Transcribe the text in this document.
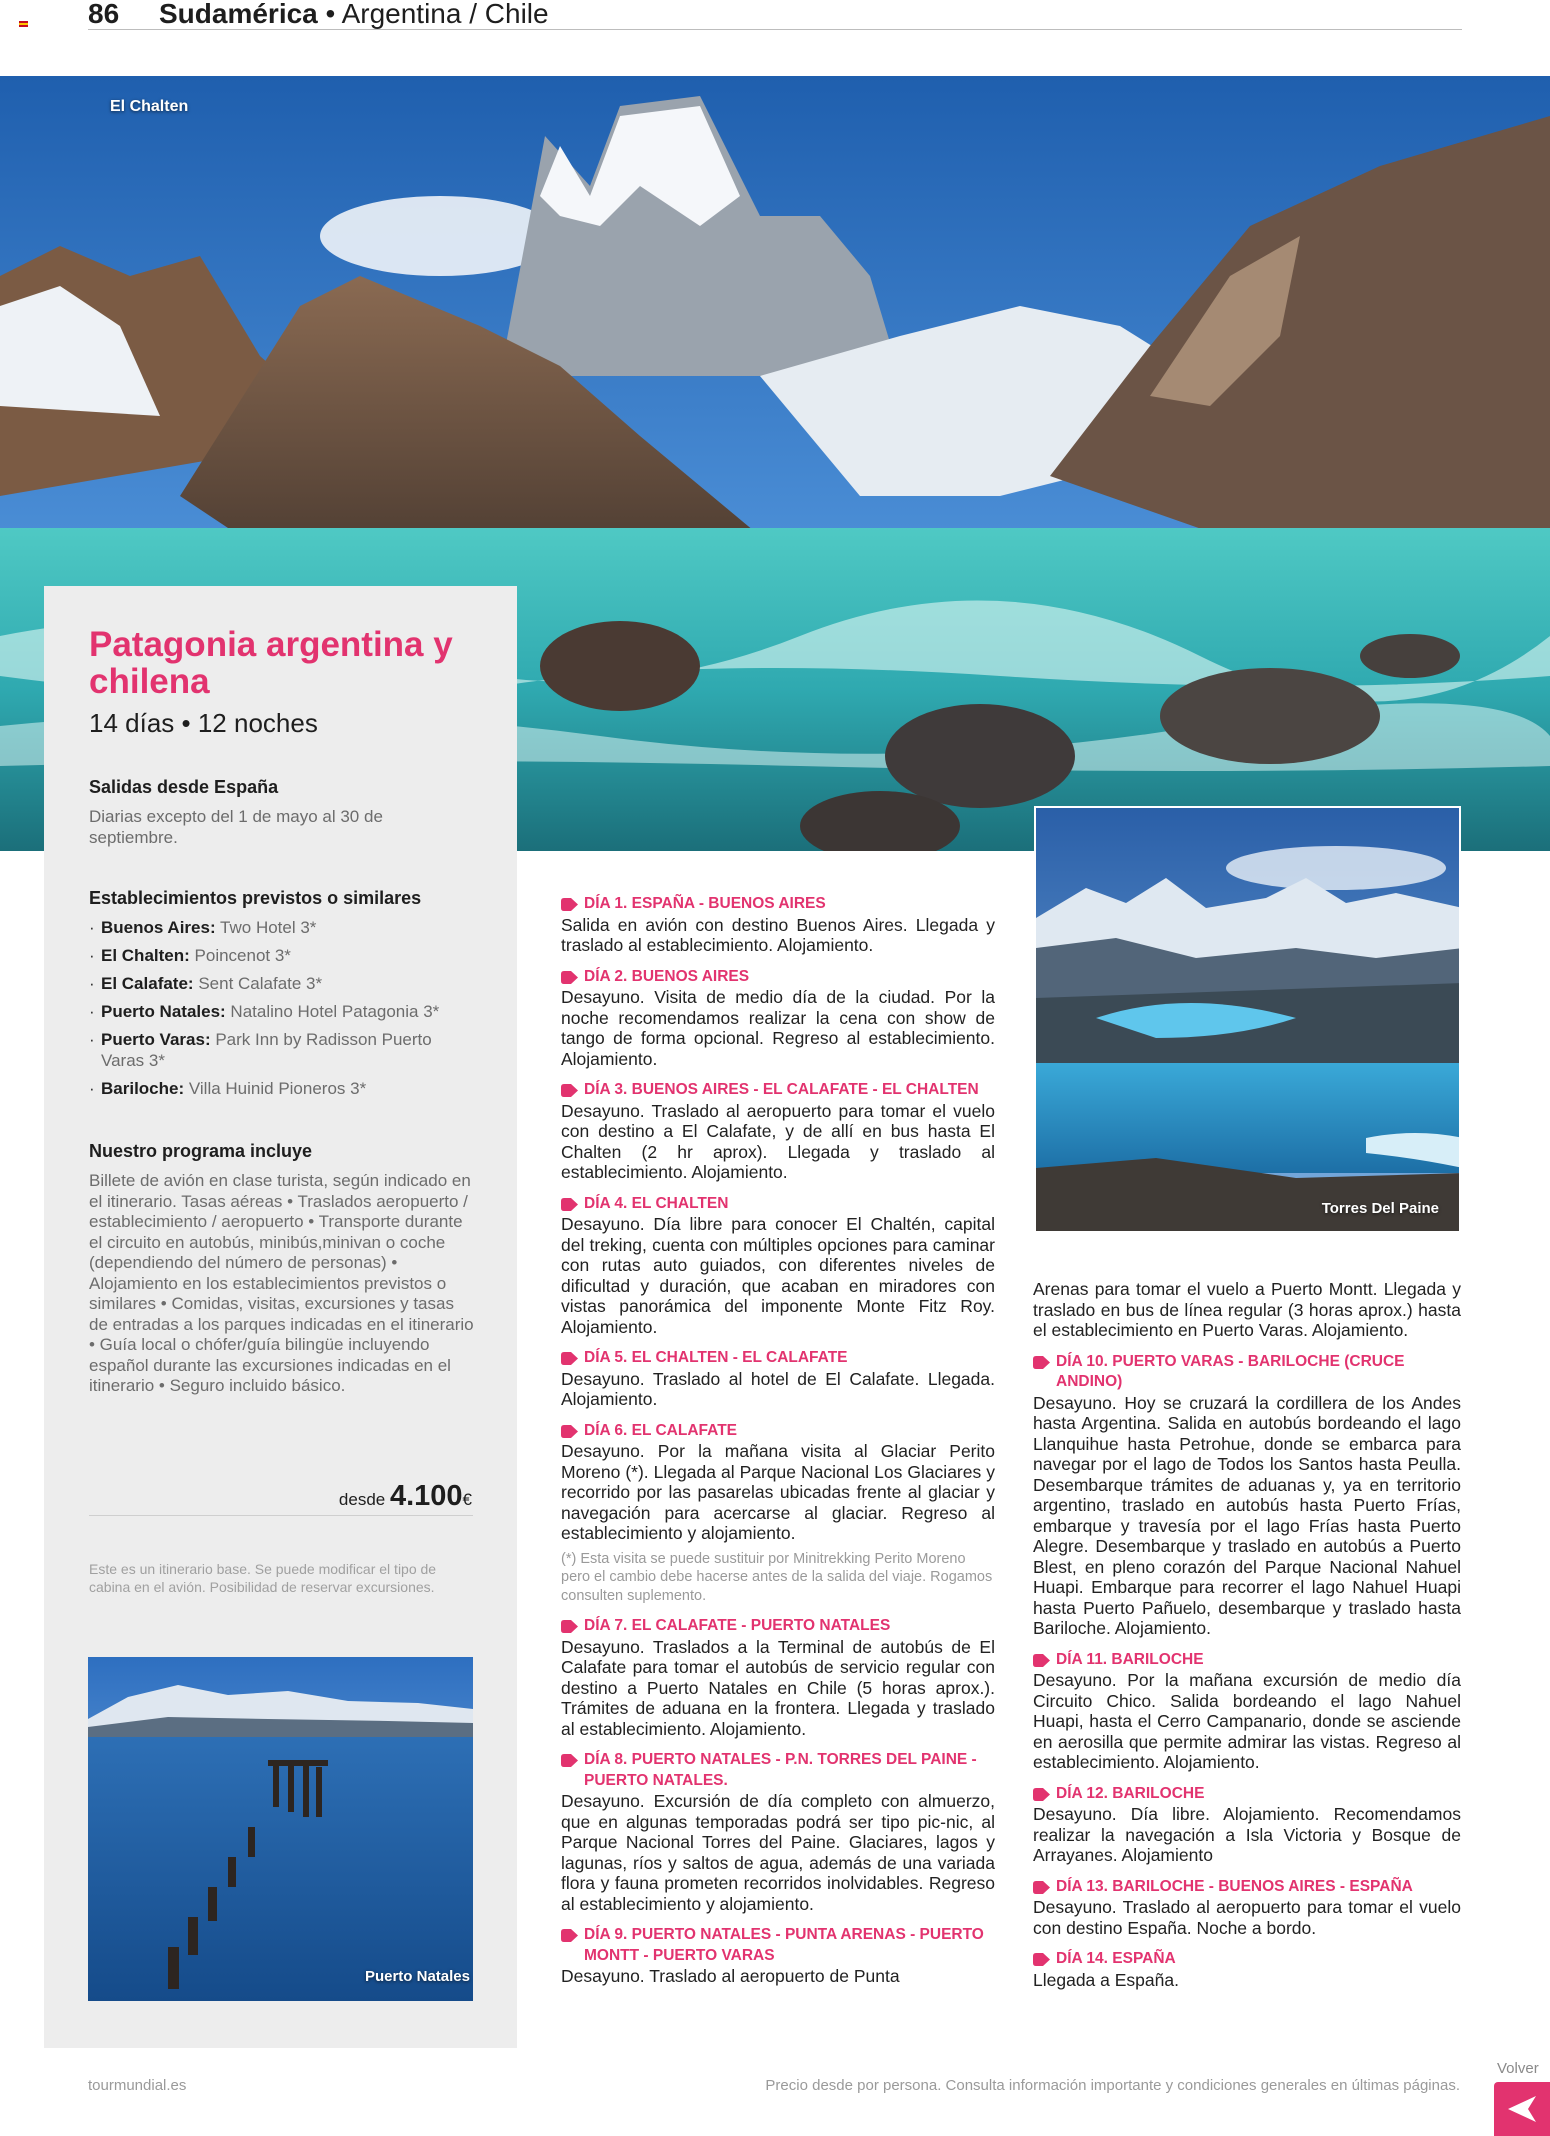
86 Sudamérica • Argentina / Chile
El Chalten
Patagonia argentina y chilena
14 días • 12 noches
Salidas desde España
Diarias excepto del 1 de mayo al 30 de septiembre.
Establecimientos previstos o similares
· Buenos Aires: Two Hotel 3*
· El Chalten: Poincenot 3*
· El Calafate: Sent Calafate 3*
· Puerto Natales: Natalino Hotel Patagonia 3*
· Puerto Varas: Park Inn by Radisson Puerto Varas 3*
· Bariloche: Villa Huinid Pioneros 3*
Nuestro programa incluye
Billete de avión en clase turista, según indicado en el itinerario. Tasas aéreas • Traslados aeropuerto / establecimiento / aeropuerto • Transporte durante el circuito en autobús, minibús,minivan o coche (dependiendo del número de personas) • Alojamiento en los establecimientos previstos o similares • Comidas, visitas, excursiones y tasas de entradas a los parques indicadas en el itinerario • Guía local o chófer/guía bilingüe incluyendo español durante las excursiones indicadas en el itinerario • Seguro incluido básico.
desde 4.100€
Este es un itinerario base. Se puede modificar el tipo de cabina en el avión. Posibilidad de reservar excursiones.
Puerto Natales
DÍA 1. ESPAÑA - BUENOS AIRES
Salida en avión con destino Buenos Aires. Llegada y traslado al establecimiento. Alojamiento.
DÍA 2. BUENOS AIRES
Desayuno. Visita de medio día de la ciudad. Por la noche recomendamos realizar la cena con show de tango de forma opcional. Regreso al establecimiento. Alojamiento.
DÍA 3. BUENOS AIRES - EL CALAFATE - EL CHALTEN
Desayuno. Traslado al aeropuerto para tomar el vuelo con destino a El Calafate, y de allí en bus hasta El Chalten (2 hr aprox). Llegada y traslado al establecimiento. Alojamiento.
DÍA 4. EL CHALTEN
Desayuno. Día libre para conocer El Chaltén, capital del treking, cuenta con múltiples opciones para caminar con rutas auto guiados, con diferentes niveles de dificultad y duración, que acaban en miradores con vistas panorámica del imponente Monte Fitz Roy. Alojamiento.
DÍA 5. EL CHALTEN - EL CALAFATE
Desayuno. Traslado al hotel de El Calafate. Llegada. Alojamiento.
DÍA 6. EL CALAFATE
Desayuno. Por la mañana visita al Glaciar Perito Moreno (*). Llegada al Parque Nacional Los Glaciares y recorrido por las pasarelas ubicadas frente al glaciar y navegación para acercarse al glaciar. Regreso al establecimiento y alojamiento.
(*) Esta visita se puede sustituir por Minitrekking Perito Moreno pero el cambio debe hacerse antes de la salida del viaje. Rogamos consulten suplemento.
DÍA 7. EL CALAFATE - PUERTO NATALES
Desayuno. Traslados a la Terminal de autobús de El Calafate para tomar el autobús de servicio regular con destino a Puerto Natales en Chile (5 horas aprox.). Trámites de aduana en la frontera. Llegada y traslado al establecimiento. Alojamiento.
DÍA 8. PUERTO NATALES - P.N. TORRES DEL PAINE - PUERTO NATALES.
Desayuno. Excursión de día completo con almuerzo, que en algunas temporadas podrá ser tipo pic-nic, al Parque Nacional Torres del Paine. Glaciares, lagos y lagunas, ríos y saltos de agua, además de una variada flora y fauna prometen recorridos inolvidables. Regreso al establecimiento y alojamiento.
DÍA 9. PUERTO NATALES - PUNTA ARENAS - PUERTO MONTT - PUERTO VARAS
Desayuno. Traslado al aeropuerto de Punta
Torres Del Paine
Arenas para tomar el vuelo a Puerto Montt. Llegada y traslado en bus de línea regular (3 horas aprox.) hasta el establecimiento en Puerto Varas. Alojamiento.
DÍA 10. PUERTO VARAS - BARILOCHE (CRUCE ANDINO)
Desayuno. Hoy se cruzará la cordillera de los Andes hasta Argentina. Salida en autobús bordeando el lago Llanquihue hasta Petrohue, donde se embarca para navegar por el lago de Todos los Santos hasta Peulla. Desembarque trámites de aduanas y, ya en territorio argentino, traslado en autobús hasta Puerto Frías, embarque y travesía por el lago Frías hasta Puerto Alegre. Desembarque y traslado en autobús a Puerto Blest, en pleno corazón del Parque Nacional Nahuel Huapi. Embarque para recorrer el lago Nahuel Huapi hasta Puerto Pañuelo, desembarque y traslado hasta Bariloche. Alojamiento.
DÍA 11. BARILOCHE
Desayuno. Por la mañana excursión de medio día Circuito Chico. Salida bordeando el lago Nahuel Huapi, hasta el Cerro Campanario, donde se asciende en aerosilla que permite admirar las vistas. Regreso al establecimiento. Alojamiento.
DÍA 12. BARILOCHE
Desayuno. Día libre. Alojamiento. Recomendamos realizar la navegación a Isla Victoria y Bosque de Arrayanes. Alojamiento
DÍA 13. BARILOCHE - BUENOS AIRES - ESPAÑA
Desayuno. Traslado al aeropuerto para tomar el vuelo con destino España. Noche a bordo.
DÍA 14. ESPAÑA
Llegada a España.
tourmundial.es	Precio desde por persona. Consulta información importante y condiciones generales en últimas páginas.
Volver
